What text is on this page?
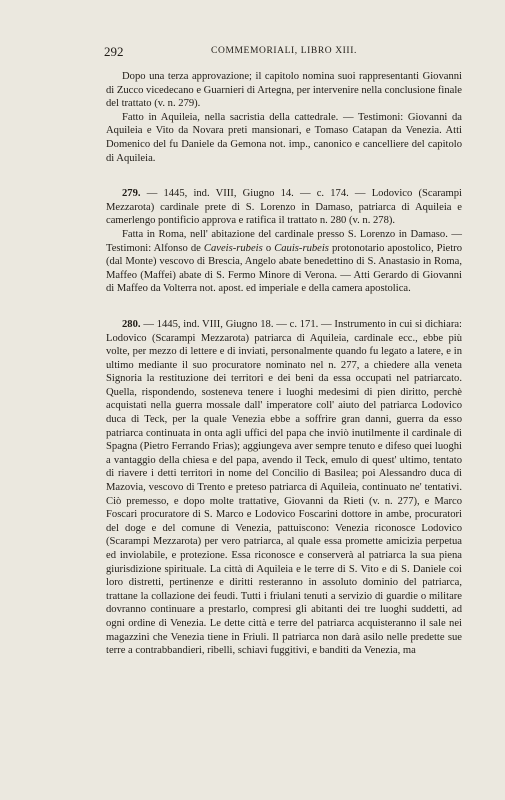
292	COMMEMORIALI, LIBRO XIII.

Dopo una terza approvazione; il capitolo nomina suoi rappresentanti Giovanni di Zucco vicedecano e Guarnieri di Artegna, per intervenire nella conclusione finale del trattato (v. n. 279).

Fatto in Aquileia, nella sacristia della cattedrale. — Testimoni: Giovanni da Aquileia e Vito da Novara preti mansionari, e Tomaso Catapan da Venezia. Atti Domenico del fu Daniele da Gemona not. imp., canonico e cancelliere del capitolo di Aquileia.

279. — 1445, ind. VIII, Giugno 14. — c. 174. — Lodovico (Scarampi Mezzarota) cardinale prete di S. Lorenzo in Damaso, patriarca di Aquileia e camerlengo pontificio approva e ratifica il trattato n. 280 (v. n. 278).

Fatta in Roma, nell' abitazione del cardinale presso S. Lorenzo in Damaso. — Testimoni: Alfonso de Caveis-rubeis o Cauis-rubeis protonotario apostolico, Pietro (dal Monte) vescovo di Brescia, Angelo abate benedettino di S. Anastasio in Roma, Maffeo (Maffei) abate di S. Fermo Minore di Verona. — Atti Gerardo di Giovanni di Maffeo da Volterra not. apost. ed imperiale e della camera apostolica.

280. — 1445, ind. VIII, Giugno 18. — c. 171. — Instrumento in cui si dichiara: Lodovico (Scarampi Mezzarota) patriarca di Aquileia, cardinale ecc., ebbe più volte, per mezzo di lettere e di inviati, personalmente quando fu legato a latere, e in ultimo mediante il suo procuratore nominato nel n. 277, a chiedere alla veneta Signoria la restituzione dei territori e dei beni da essa occupati nel patriarcato. Quella, rispondendo, sosteneva tenere i luoghi medesimi di pien diritto, perchè acquistati nella guerra mossale dall' imperatore coll' aiuto del patriarca Lodovico duca di Teck, per la quale Venezia ebbe a soffrire gran danni, guerra da esso patriarca continuata in onta agli uffici del papa che inviò inutilmente il cardinale di Spagna (Pietro Ferrando Frias); aggiungeva aver sempre tenuto e difeso quei luoghi a vantaggio della chiesa e del papa, avendo il Teck, emulo di quest' ultimo, tentato di riavere i detti territori in nome del Concilio di Basilea; poi Alessandro duca di Mazovia, vescovo di Trento e preteso patriarca di Aquileia, continuato ne' tentativi. Ciò premesso, e dopo molte trattative, Giovanni da Rieti (v. n. 277), e Marco Foscari procuratore di S. Marco e Lodovico Foscarini dottore in ambe, procuratori del doge e del comune di Venezia, pattuiscono: Venezia riconosce Lodovico (Scarampi Mezzarota) per vero patriarca, al quale essa promette amicizia perpetua ed inviolabile, e protezione. Essa riconosce e conserverà al patriarca la sua piena giurisdizione spirituale. La città di Aquileia e le terre di S. Vito e di S. Daniele coi loro distretti, pertinenze e diritti resteranno in assoluto dominio del patriarca, trattane la collazione dei feudi. Tutti i friulani tenuti a servizio di guardie o militare dovranno continuare a prestarlo, compresi gli abitanti dei tre luoghi suddetti, ad ogni ordine di Venezia. Le dette città e terre del patriarca acquisteranno il sale nei magazzini che Venezia tiene in Friuli. Il patriarca non darà asilo nelle predette sue terre a contrabbandieri, ribelli, schiavi fuggitivi, e banditi da Venezia, ma
